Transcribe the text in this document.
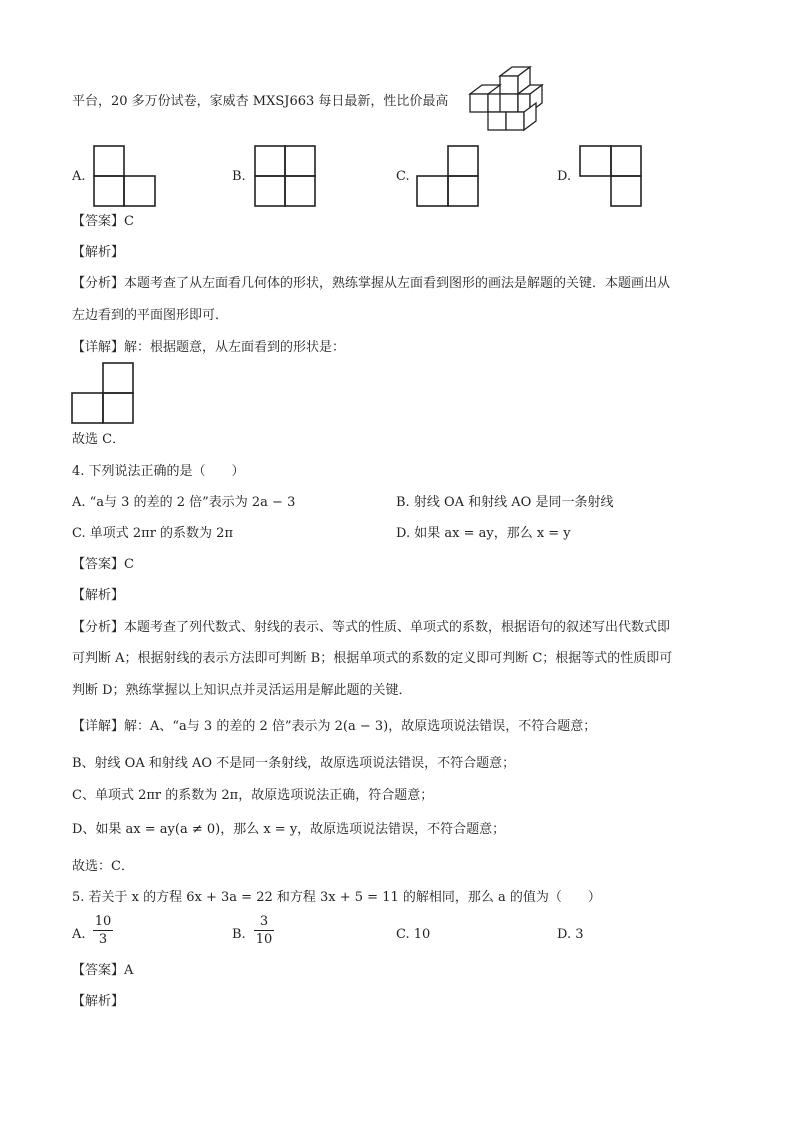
平台，20 多万份试卷，家威杏 MXSJ663 每日最新，性比价最高
A.	B.	C.	D.
【答案】C
【解析】
【分析】本题考查了从左面看几何体的形状，熟练掌握从左面看到图形的画法是解题的关键．本题画出从
左边看到的平面图形即可．
【详解】解：根据题意，从左面看到的形状是：
故选 C．
4. 下列说法正确的是（　　）
A. “a与 3 的差的 2 倍”表示为 2a − 3	B. 射线 OA 和射线 AO 是同一条射线
C. 单项式 2πr 的系数为 2π	D. 如果 ax = ay，那么 x = y
【答案】C
【解析】
【分析】本题考查了列代数式、射线的表示、等式的性质、单项式的系数，根据语句的叙述写出代数式即
可判断 A；根据射线的表示方法即可判断 B；根据单项式的系数的定义即可判断 C；根据等式的性质即可
判断 D；熟练掌握以上知识点并灵活运用是解此题的关键．
【详解】解：A、“a与 3 的差的 2 倍”表示为 2(a − 3)，故原选项说法错误，不符合题意；
B、射线 OA 和射线 AO 不是同一条射线，故原选项说法错误，不符合题意；
C、单项式 2πr 的系数为 2π，故原选项说法正确，符合题意；
D、如果 ax = ay(a ≠ 0)，那么 x = y，故原选项说法错误，不符合题意；
故选：C．
5. 若关于 x 的方程 6x + 3a = 22 和方程 3x + 5 = 11 的解相同，那么 a 的值为（　　）
A. $\frac{10}{3}$	B. $\frac{3}{10}$	C. 10	D. 3
【答案】A
【解析】
